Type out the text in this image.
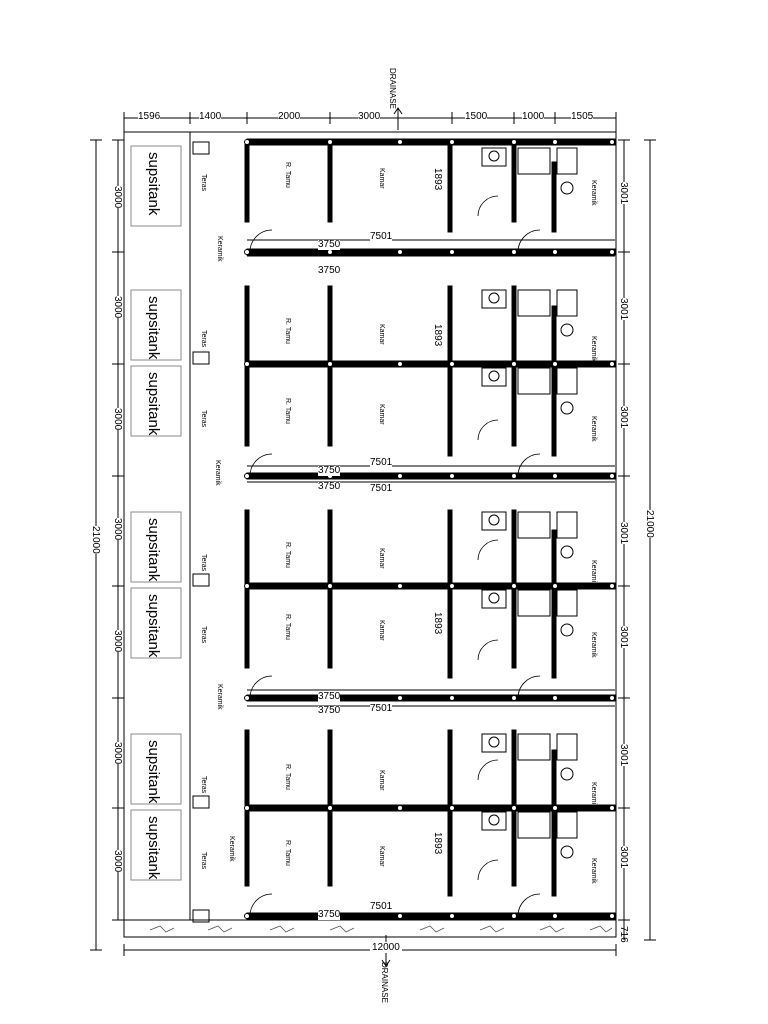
DRAINASE
DRAINASE
12000
716
21000
21000
1596	1400	2000	3000	1500	1000	1505
3000
3000
3000
3000
3000
3000
3000
3001
3001
3001
3001
3001
3001
3001
supsitank
supsitank
supsitank
supsitank
supsitank
supsitank
supsitank
Teras	R. Tamu	Kamar
Keramik
Teras	R. Tamu	Kamar
Keramik
Teras	R. Tamu	Kamar
Keramik
Teras	R. Tamu	Kamar
Keramik
Teras	R. Tamu	Kamar
Keramik
Teras	R. Tamu	Kamar
Keramik
Teras	R. Tamu	Kamar
Keramik
Keramik
Keramik
Keramik
Keramik
7501
3750
3750
7501
3750
3750	7501
3750
3750	7501
7501
3750
1893
1893
1893
1893
